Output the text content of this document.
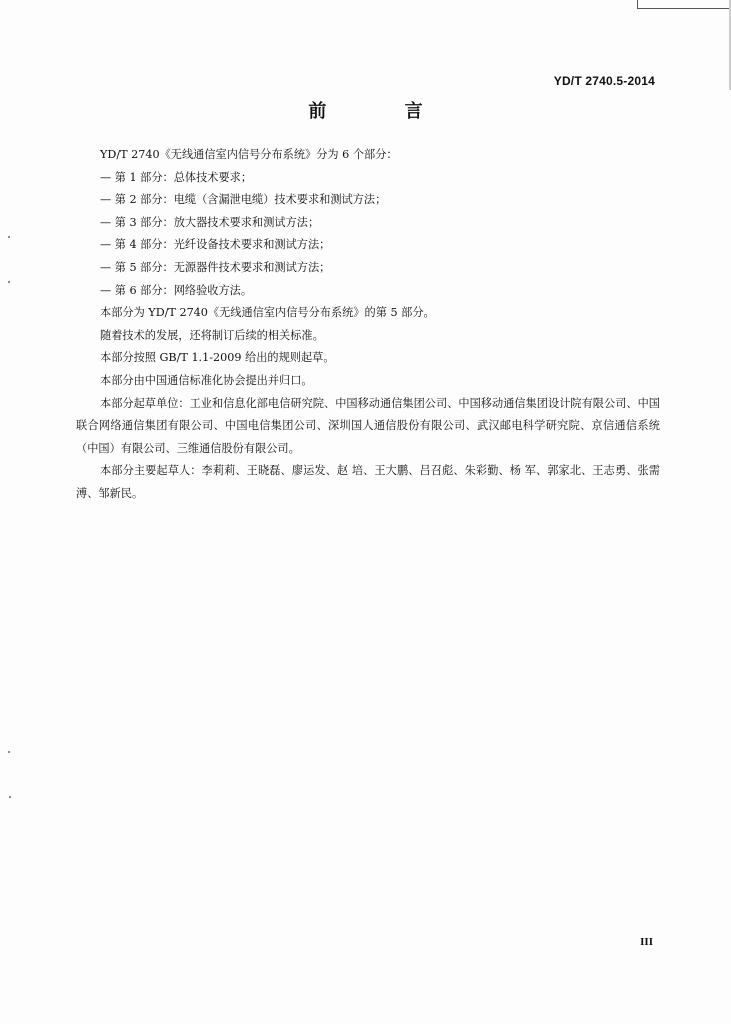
YD/T 2740.5-2014
前 言

YD/T 2740《无线通信室内信号分布系统》分为 6 个部分：

— 第 1 部分：总体技术要求；

— 第 2 部分：电缆（含漏泄电缆）技术要求和测试方法；

— 第 3 部分：放大器技术要求和测试方法；

— 第 4 部分：光纤设备技术要求和测试方法；

— 第 5 部分：无源器件技术要求和测试方法；

— 第 6 部分：网络验收方法。

本部分为 YD/T 2740《无线通信室内信号分布系统》的第 5 部分。

随着技术的发展，还将制订后续的相关标准。

本部分按照 GB/T 1.1-2009 给出的规则起草。

本部分由中国通信标准化协会提出并归口。

本部分起草单位：工业和信息化部电信研究院、中国移动通信集团公司、中国移动通信集团设计院有限公司、中国联合网络通信集团有限公司、中国电信集团公司、深圳国人通信股份有限公司、武汉邮电科学研究院、京信通信系统（中国）有限公司、三维通信股份有限公司。

本部分主要起草人：李莉莉、王晓磊、廖运发、赵 培、王大鹏、吕召彪、朱彩勤、杨 军、郭家北、王志勇、张需溥、邹新民。

III
